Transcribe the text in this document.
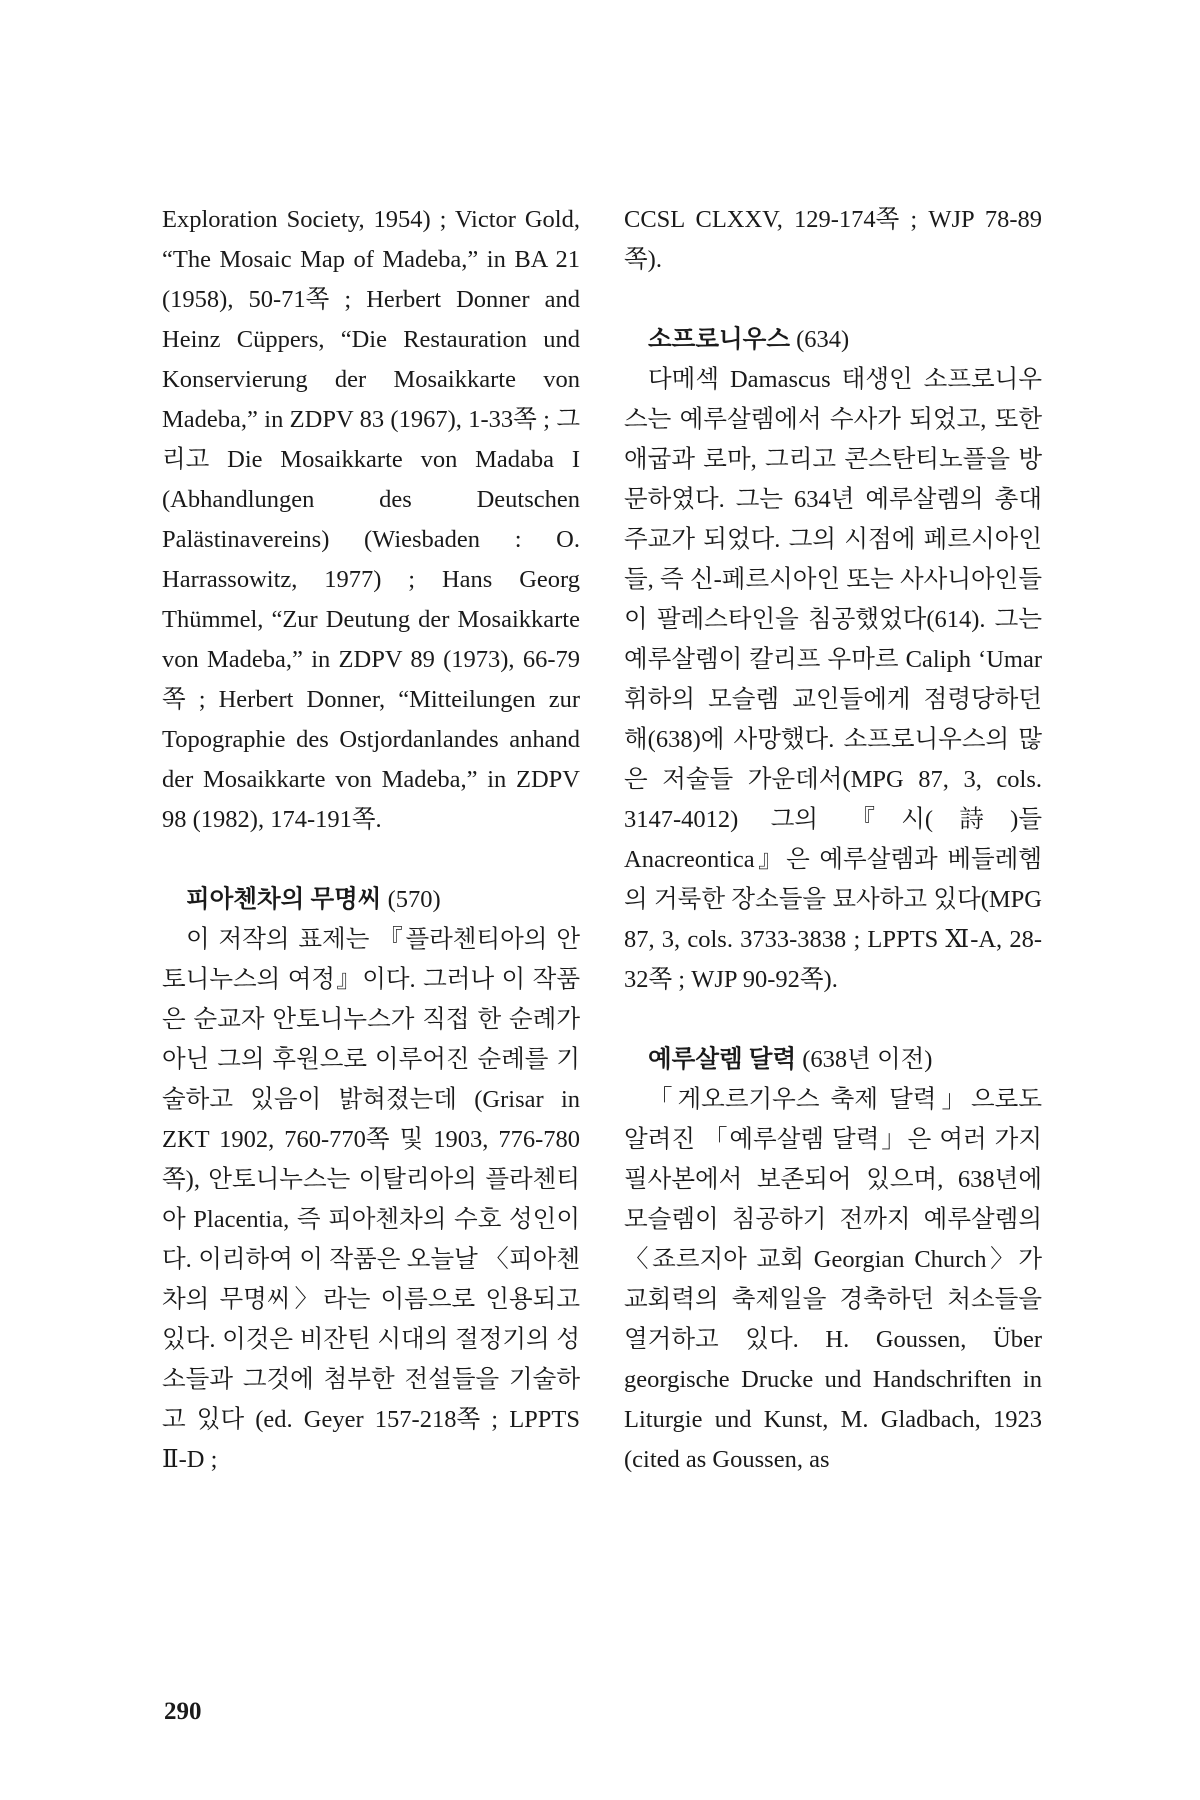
Exploration Society, 1954) ; Victor Gold, “The Mosaic Map of Madeba,” in BA 21 (1958), 50-71쪽 ; Herbert Donner and Heinz Cüppers, “Die Restauration und Konservierung der Mosaikkarte von Madeba,” in ZDPV 83 (1967), 1-33쪽 ; 그리고 Die Mosaikkarte von Madaba I (Abhandlungen des Deutschen Palästinavereins) (Wiesbaden : O. Harrassowitz, 1977) ; Hans Georg Thümmel, “Zur Deutung der Mosaikkarte von Madeba,” in ZDPV 89 (1973), 66-79쪽 ; Herbert Donner, “Mitteilungen zur Topographie des Ostjordanlandes anhand der Mosaikkarte von Madeba,” in ZDPV 98 (1982), 174-191쪽.

피아첸차의 무명씨 (570)

이 저작의 표제는 『플라첸티아의 안토니누스의 여정』이다. 그러나 이 작품은 순교자 안토니누스가 직접 한 순례가 아닌 그의 후원으로 이루어진 순례를 기술하고 있음이 밝혀졌는데 (Grisar in ZKT 1902, 760-770쪽 및 1903, 776-780쪽), 안토니누스는 이탈리아의 플라첸티아 Placentia, 즉 피아첸차의 수호 성인이다. 이리하여 이 작품은 오늘날 〈피아첸차의 무명씨〉라는 이름으로 인용되고 있다. 이것은 비잔틴 시대의 절정기의 성소들과 그것에 첨부한 전설들을 기술하고 있다 (ed. Geyer 157-218쪽 ; LPPTS Ⅱ-D ;

CCSL CLXXV, 129-174쪽 ; WJP 78-89쪽).

소프로니우스 (634)

다메섹 Damascus 태생인 소프로니우스는 예루살렘에서 수사가 되었고, 또한 애굽과 로마, 그리고 콘스탄티노플을 방문하였다. 그는 634년 예루살렘의 총대주교가 되었다. 그의 시점에 페르시아인들, 즉 신-페르시아인 또는 사사니아인들이 팔레스타인을 침공했었다(614). 그는 예루살렘이 칼리프 우마르 Caliph ‘Umar 휘하의 모슬렘 교인들에게 점령당하던 해(638)에 사망했다. 소프로니우스의 많은 저술들 가운데서(MPG 87, 3, cols. 3147-4012) 그의 『시(詩)들 Anacreontica』은 예루살렘과 베들레헴의 거룩한 장소들을 묘사하고 있다(MPG 87, 3, cols. 3733-3838 ; LPPTS Ⅺ-A, 28-32쪽 ; WJP 90-92쪽).

예루살렘 달력 (638년 이전)

「게오르기우스 축제 달력」으로도 알려진 「예루살렘 달력」은 여러 가지 필사본에서 보존되어 있으며, 638년에 모슬렘이 침공하기 전까지 예루살렘의 〈죠르지아 교회 Georgian Church〉가 교회력의 축제일을 경축하던 처소들을 열거하고 있다. H. Goussen, Über georgische Drucke und Handschriften in Liturgie und Kunst, M. Gladbach, 1923 (cited as Goussen, as

290
